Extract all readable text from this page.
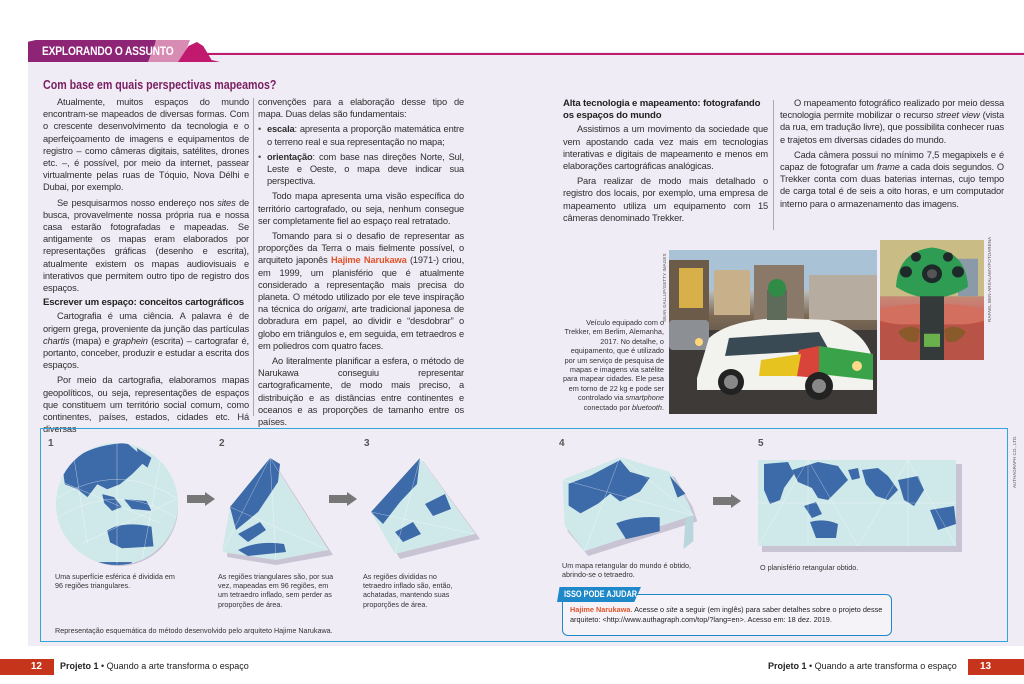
EXPLORANDO O ASSUNTO
Com base em quais perspectivas mapeamos?

Atualmente, muitos espaços do mundo encontram-se mapeados de diversas formas. Com o crescente desenvolvimento da tecnologia e o aperfeiçoamento de imagens e equipamentos de registro – como câmeras digitais, satélites, drones etc. –, é possível, por meio da internet, passear virtualmente pelas ruas de Tóquio, Nova Délhi e Dubai, por exemplo.

Se pesquisarmos nosso endereço nos sites de busca, provavelmente nossa própria rua e nossa casa estarão fotografadas e mapeadas. Se antigamente os mapas eram elaborados por representações gráficas (desenho e escrita), atualmente existem os mapas audiovisuais e interativos que permitem outro tipo de registro dos espaços.

Escrever um espaço: conceitos cartográficos

Cartografia é uma ciência. A palavra é de origem grega, proveniente da junção das partículas chartis (mapa) e graphein (escrita) – cartografar é, portanto, conceber, produzir e estudar a escrita dos espaços.

Por meio da cartografia, elaboramos mapas geopolíticos, ou seja, representações de espaços que constituem um território social comum, como continentes, países, estados, cidades etc. Há diversas

convenções para a elaboração desse tipo de mapa. Duas delas são fundamentais:

• escala: apresenta a proporção matemática entre o terreno real e sua representação no mapa;
• orientação: com base nas direções Norte, Sul, Leste e Oeste, o mapa deve indicar sua perspectiva.

Todo mapa apresenta uma visão específica do território cartografado, ou seja, nenhum consegue ser completamente fiel ao espaço real retratado.

Tomando para si o desafio de representar as proporções da Terra o mais fielmente possível, o arquiteto japonês Hajime Narukawa (1971-) criou, em 1999, um planisfério que é atualmente considerado a representação mais precisa do planeta. O método utilizado por ele teve inspiração na técnica do origami, arte tradicional japonesa de dobradura em papel, ao dividir e “desdobrar” o globo em triângulos e, em seguida, em tetraedros e em poliedros com quatro faces.

Ao literalmente planificar a esfera, o método de Narukawa conseguiu representar cartograficamente, de modo mais preciso, a distribuição e as distâncias entre continentes e oceanos e as proporções de tamanho entre os países.

Alta tecnologia e mapeamento: fotografando os espaços do mundo

Assistimos a um movimento da sociedade que vem apostando cada vez mais em tecnologias interativas e digitais de mapeamento e menos em elaborações cartográficas analógicas.

Para realizar de modo mais detalhado o registro dos locais, por exemplo, uma empresa de mapeamento utiliza um equipamento com 15 câmeras denominado Trekker.

O mapeamento fotográfico realizado por meio dessa tecnologia permite mobilizar o recurso street view (vista da rua, em tradução livre), que possibilita conhecer ruas e trajetos em diversas cidades do mundo.

Cada câmera possui no mínimo 7,5 megapixels e é capaz de fotografar um frame a cada dois segundos. O Trekker conta com duas baterias internas, cujo tempo de carga total é de seis a oito horas, e um computador interno para o armazenamento das imagens.

Veículo equipado com o Trekker, em Berlim, Alemanha, 2017. No detalhe, o equipamento, que é utilizado por um serviço de pesquisa de mapas e imagens via satélite para mapear cidades. Ele pesa em torno de 22 kg e pode ser controlado via smartphone conectado por bluetooth.
SEAN GALLUP/GETTY IMAGES	RAFAEL BEN-ARI/ALAMY/FOTOARENA
AUTHAGRAPH CO., LTD.
1	2	3	4	5
Uma superfície esférica é dividida em 96 regiões triangulares.
As regiões triangulares são, por sua vez, mapeadas em 96 regiões, em um tetraedro inflado, sem perder as proporções de área.
As regiões divididas no tetraedro inflado são, então, achatadas, mantendo suas proporções de área.
Um mapa retangular do mundo é obtido, abrindo-se o tetraedro.
O planisfério retangular obtido.
Representação esquemática do método desenvolvido pelo arquiteto Hajime Narukawa.
ISSO PODE AJUDAR
Hajime Narukawa. Acesse o site a seguir (em inglês) para saber detalhes sobre o projeto desse arquiteto: <http://www.authagraph.com/top/?lang=en>. Acesso em: 18 dez. 2019.
12	Projeto 1 • Quando a arte transforma o espaço	Projeto 1 • Quando a arte transforma o espaço	13
